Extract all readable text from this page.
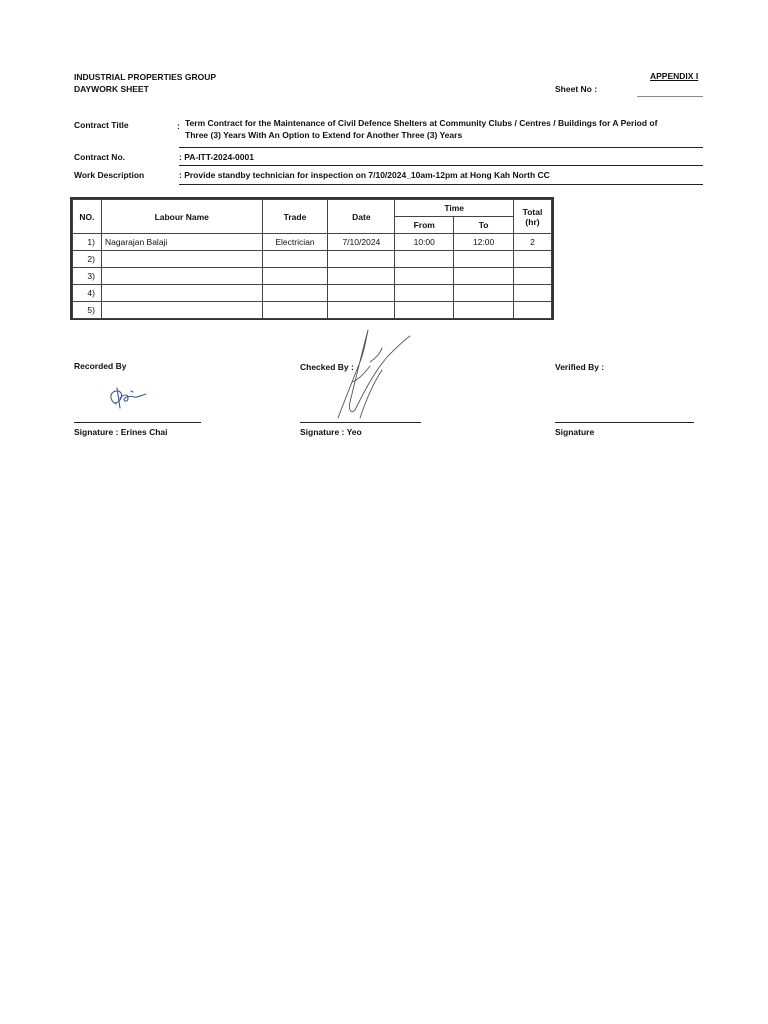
INDUSTRIAL PROPERTIES GROUP
DAYWORK SHEET
APPENDIX I
Sheet No :
Contract Title	: Term Contract for the Maintenance of Civil Defence Shelters at Community Clubs / Centres / Buildings for A Period of
Three (3) Years With An Option to Extend for Another Three (3) Years
Contract No.	: PA-ITT-2024-0001
Work Description	: Provide standby technician for inspection on 7/10/2024_10am-12pm at Hong Kah North CC
NO.	Labour Name	Trade	Date	Time		Total
(hr)

				From	To	
1)	Nagarajan Balaji	Electrician	7/10/2024	10:00	12:00	2
2)						
3)						
4)						
5)						
Recorded By	Checked By :	Verified By :
Signature : Erines Chai	Signature : Yeo	Signature
